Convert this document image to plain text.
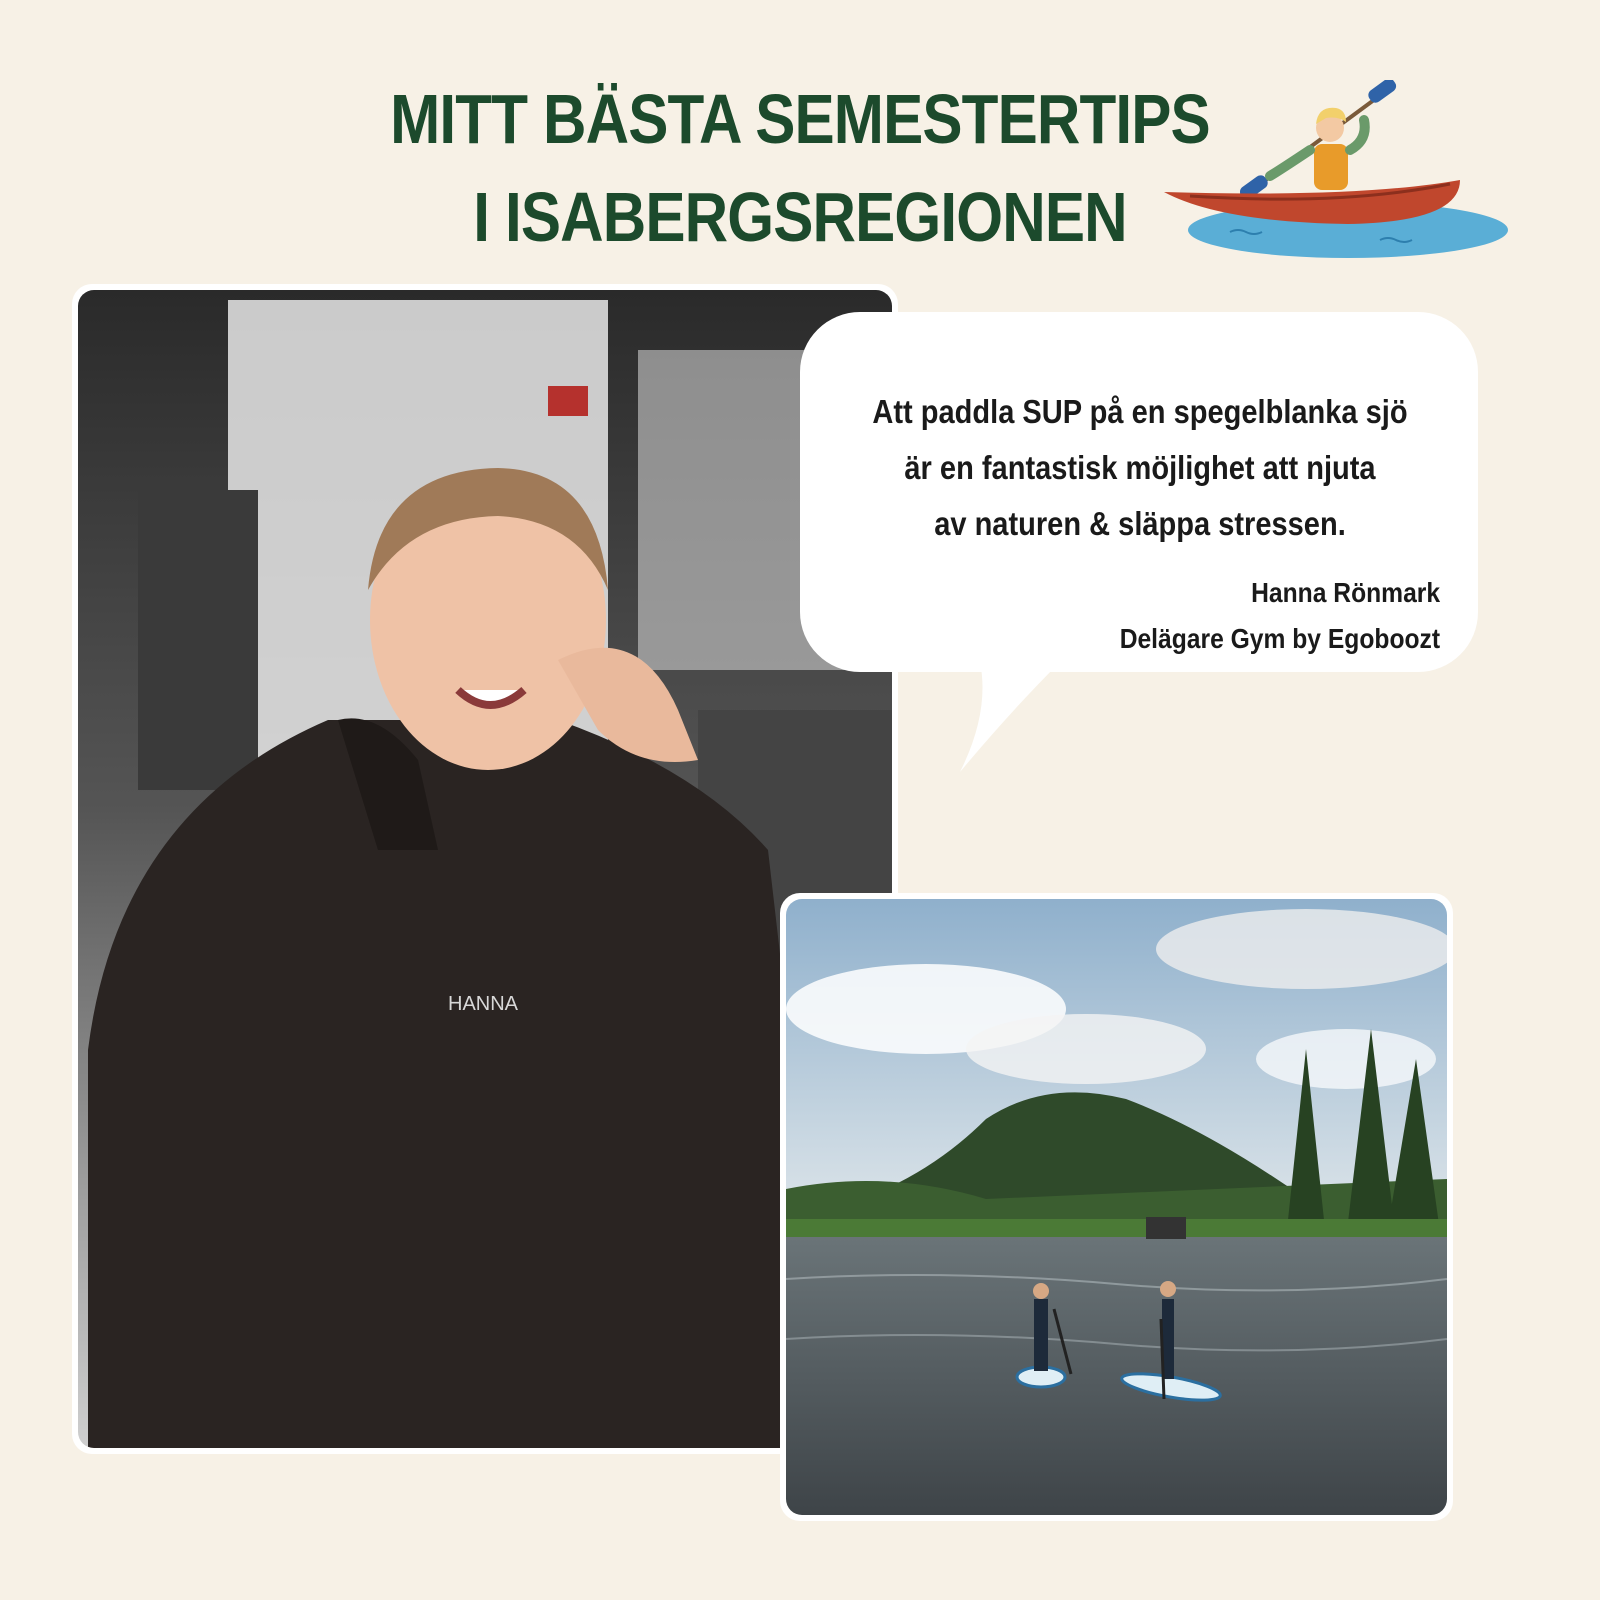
MITT BÄSTA SEMESTERTIPS
I ISABERGSREGIONEN
HANNA
Att paddla SUP på en spegelblanka sjö
är en fantastisk möjlighet att njuta
av naturen & släppa stressen.
Hanna Rönmark
Delägare Gym by Egoboozt
